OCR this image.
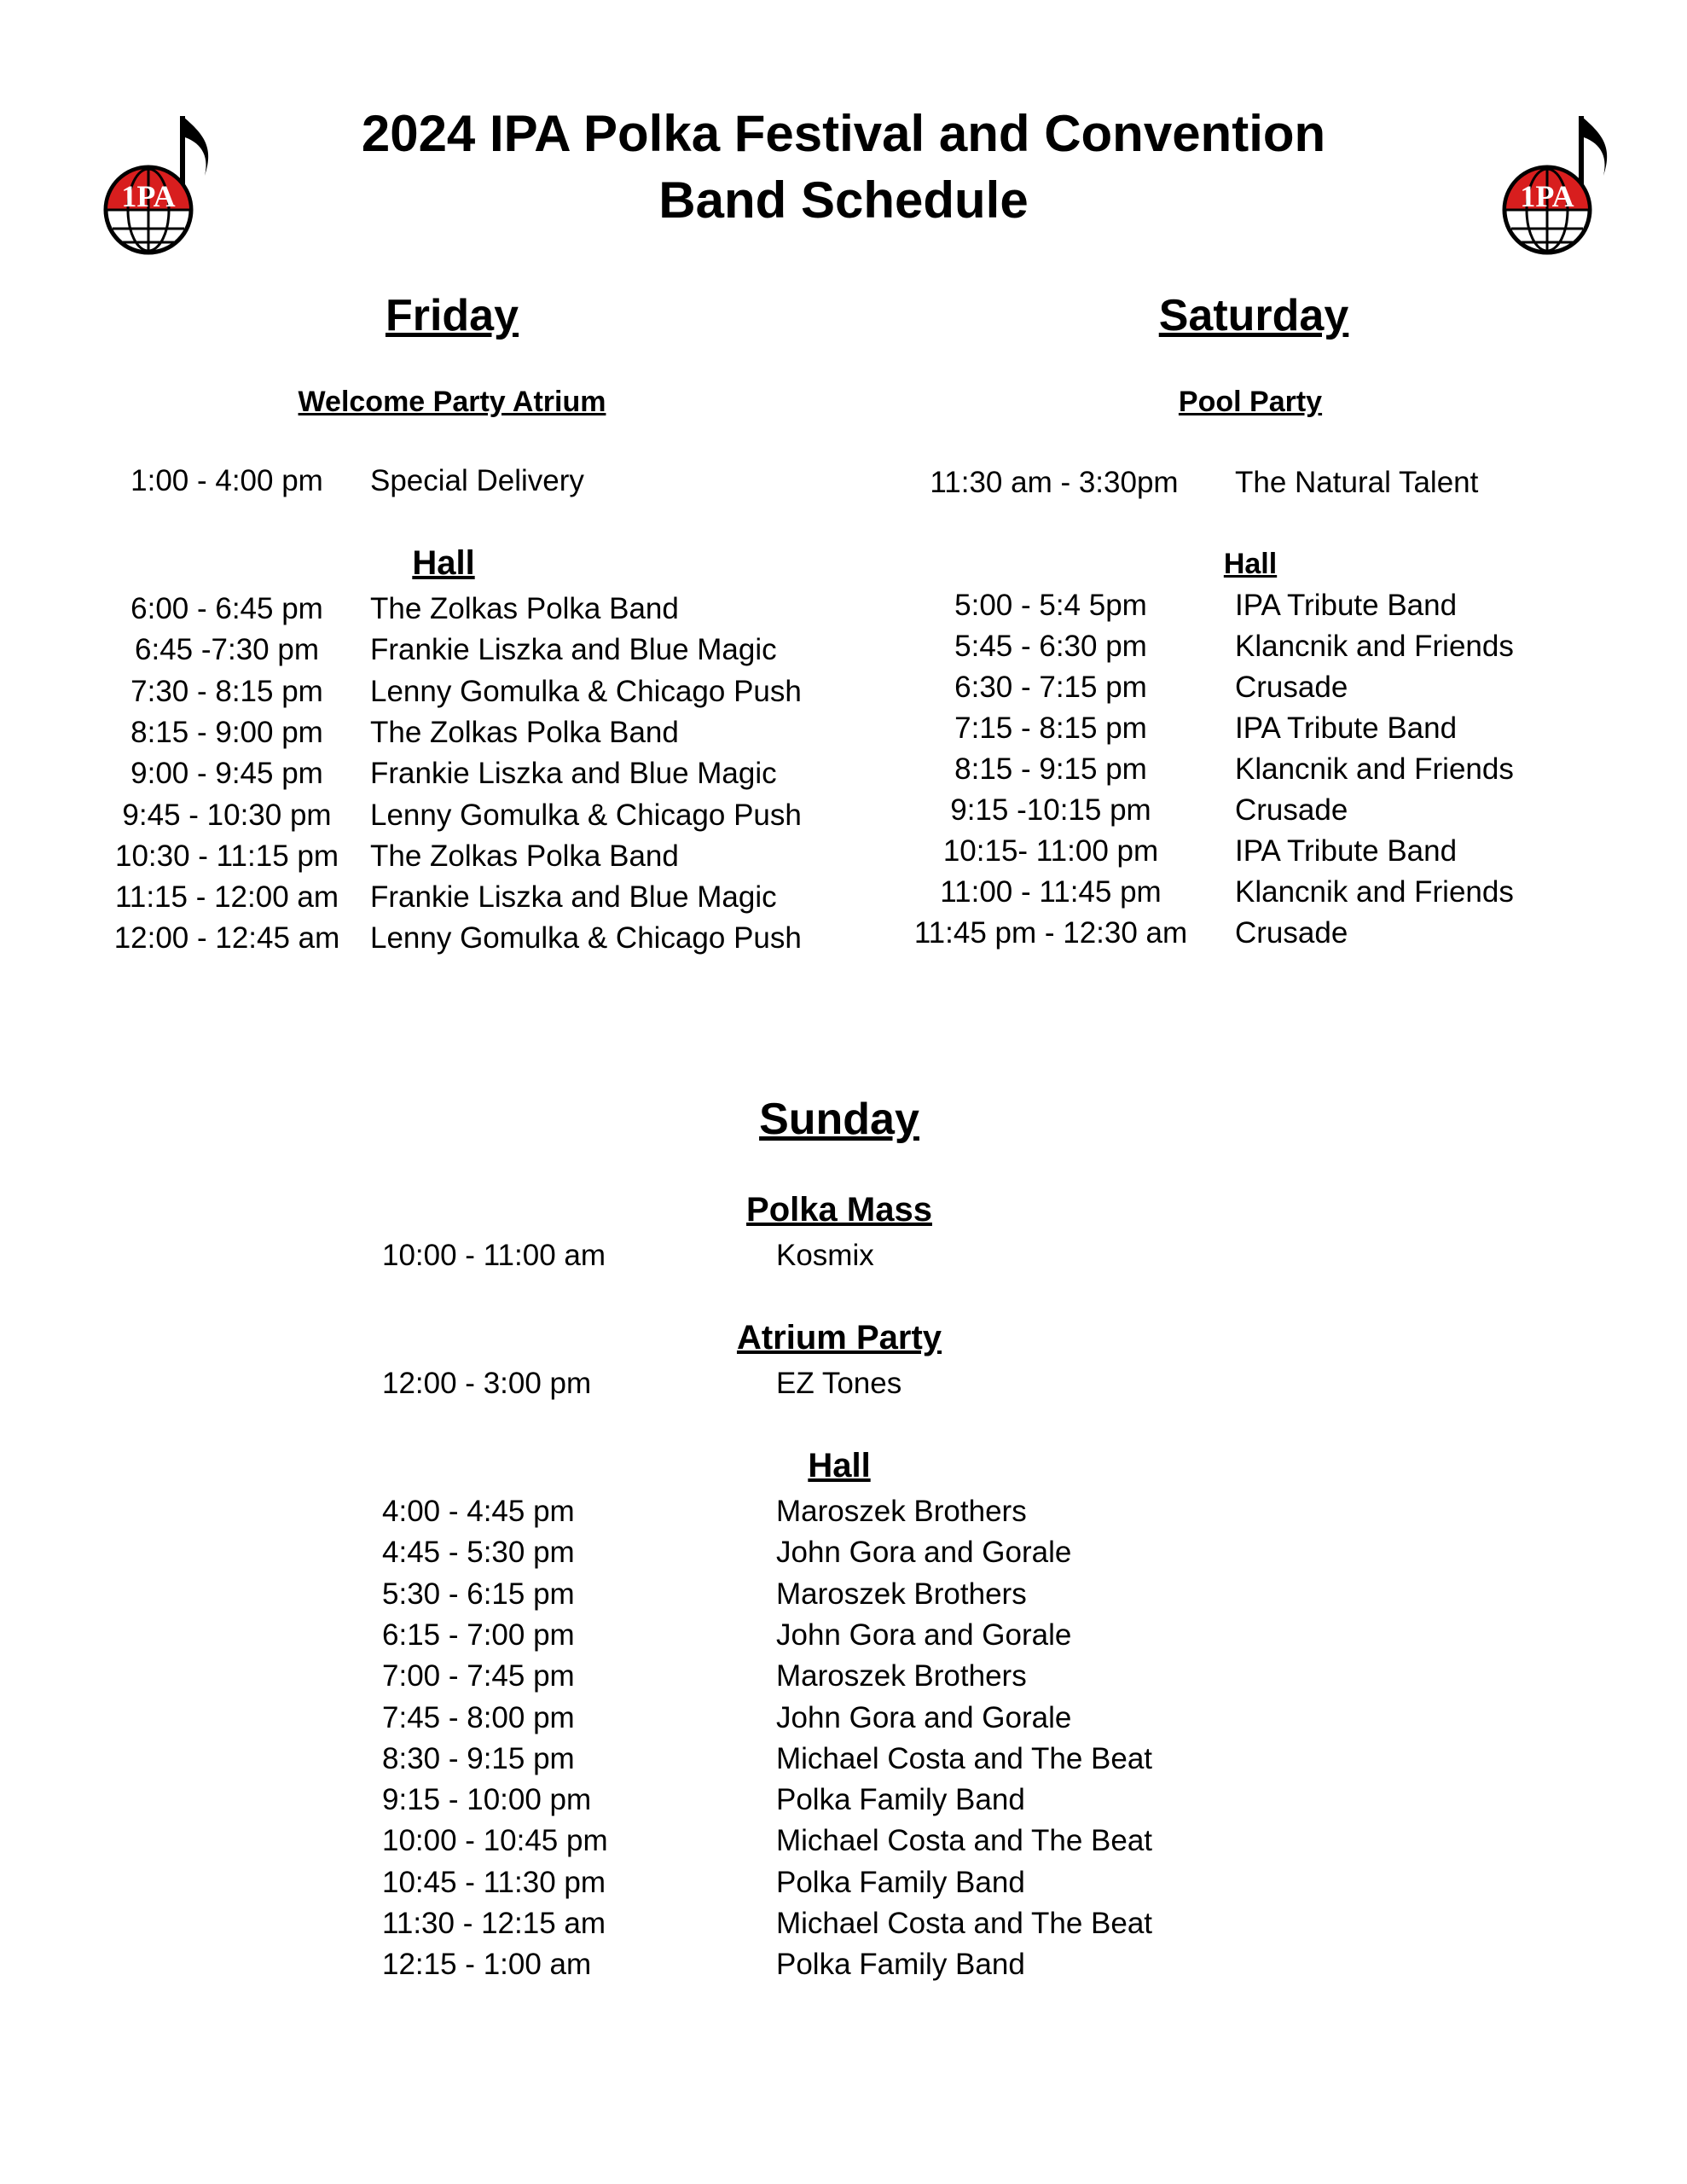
1PA	1PA
2024 IPA Polka Festival and Convention
Band Schedule
Friday
Welcome Party Atrium
1:00 - 4:00 pm Special Delivery
Hall
6:00 - 6:45 pm The Zolkas Polka Band
6:45 -7:30 pm Frankie Liszka and Blue Magic
7:30 - 8:15 pm Lenny Gomulka & Chicago Push
8:15 - 9:00 pm The Zolkas Polka Band
9:00 - 9:45 pm Frankie Liszka and Blue Magic
9:45 - 10:30 pm Lenny Gomulka & Chicago Push
10:30 - 11:15 pm The Zolkas Polka Band
11:15 - 12:00 am Frankie Liszka and Blue Magic
12:00 - 12:45 am Lenny Gomulka & Chicago Push
Saturday
Pool Party
11:30 am - 3:30pm The Natural Talent
Hall
5:00 - 5:4 5pm	IPA Tribute Band
5:45 - 6:30 pm	Klancnik and Friends
6:30 - 7:15 pm	Crusade
7:15 - 8:15 pm	IPA Tribute Band
8:15 - 9:15 pm	Klancnik and Friends
9:15 -10:15 pm	Crusade
10:15- 11:00 pm	IPA Tribute Band
11:00 - 11:45 pm Klancnik and Friends
11:45 pm - 12:30 am Crusade
Sunday
Polka Mass
10:00 - 11:00 am	Kosmix
Atrium Party
12:00 - 3:00 pm	EZ Tones
Hall
4:00 - 4:45 pm	Maroszek Brothers
4:45 - 5:30 pm	John Gora and Gorale
5:30 - 6:15 pm	Maroszek Brothers
6:15 - 7:00 pm	John Gora and Gorale
7:00 - 7:45 pm	Maroszek Brothers
7:45 - 8:00 pm	John Gora and Gorale
8:30 - 9:15 pm	Michael Costa and The Beat
9:15 - 10:00 pm	Polka Family Band
10:00 - 10:45 pm	Michael Costa and The Beat
10:45 - 11:30 pm	Polka Family Band
11:30 - 12:15 am	Michael Costa and The Beat
12:15 - 1:00 am	Polka Family Band
